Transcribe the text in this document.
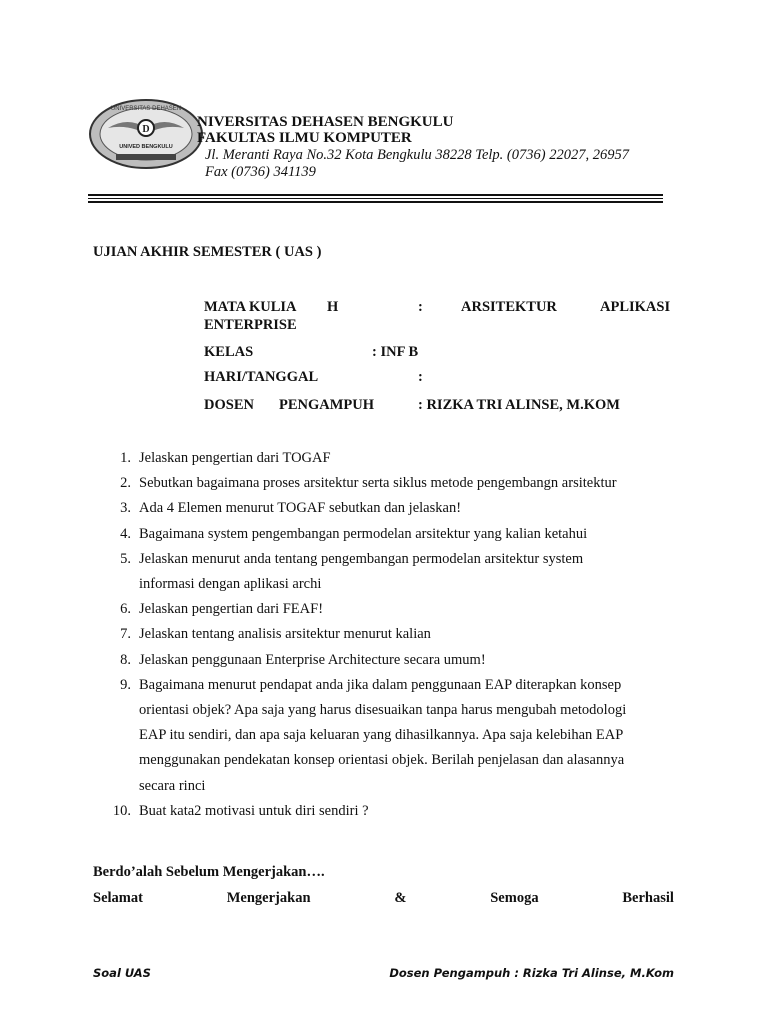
D
UNIVERSITAS DEHASEN
UNIVED BENGKULU
NIVERSITAS DEHASEN BENGKULU
FAKULTAS ILMU KOMPUTER
Jl. Meranti Raya No.32 Kota Bengkulu 38228 Telp. (0736) 22027, 26957
Fax (0736) 341139
UJIAN AKHIR SEMESTER ( UAS )
MATA KULIA H	:	ARSITEKTUR	APLIKASI
ENTERPRISE
KELAS	: INF B
HARI/TANGGAL	:
DOSEN PENGAMPUH	: RIZKA TRI ALINSE, M.KOM
1. Jelaskan pengertian dari TOGAF
2. Sebutkan bagaimana proses arsitektur serta siklus metode pengembangn arsitektur
3. Ada 4 Elemen menurut TOGAF sebutkan dan jelaskan!
4. Bagaimana system pengembangan permodelan arsitektur yang kalian ketahui
5. Jelaskan menurut anda tentang pengembangan permodelan arsitektur system
informasi dengan aplikasi archi
6. Jelaskan pengertian dari FEAF!
7. Jelaskan tentang analisis arsitektur menurut kalian
8. Jelaskan penggunaan Enterprise Architecture secara umum!
9. Bagaimana menurut pendapat anda jika dalam penggunaan EAP diterapkan konsep
orientasi objek? Apa saja yang harus disesuaikan tanpa harus mengubah metodologi
EAP itu sendiri, dan apa saja keluaran yang dihasilkannya. Apa saja kelebihan EAP
menggunakan pendekatan konsep orientasi objek. Berilah penjelasan dan alasannya
secara rinci
10. Buat kata2 motivasi untuk diri sendiri ?
Berdo’alah Sebelum Mengerjakan….
Selamat	Mengerjakan	&	Semoga	Berhasil
Soal UAS	Dosen Pengampuh : Rizka Tri Alinse, M.Kom
